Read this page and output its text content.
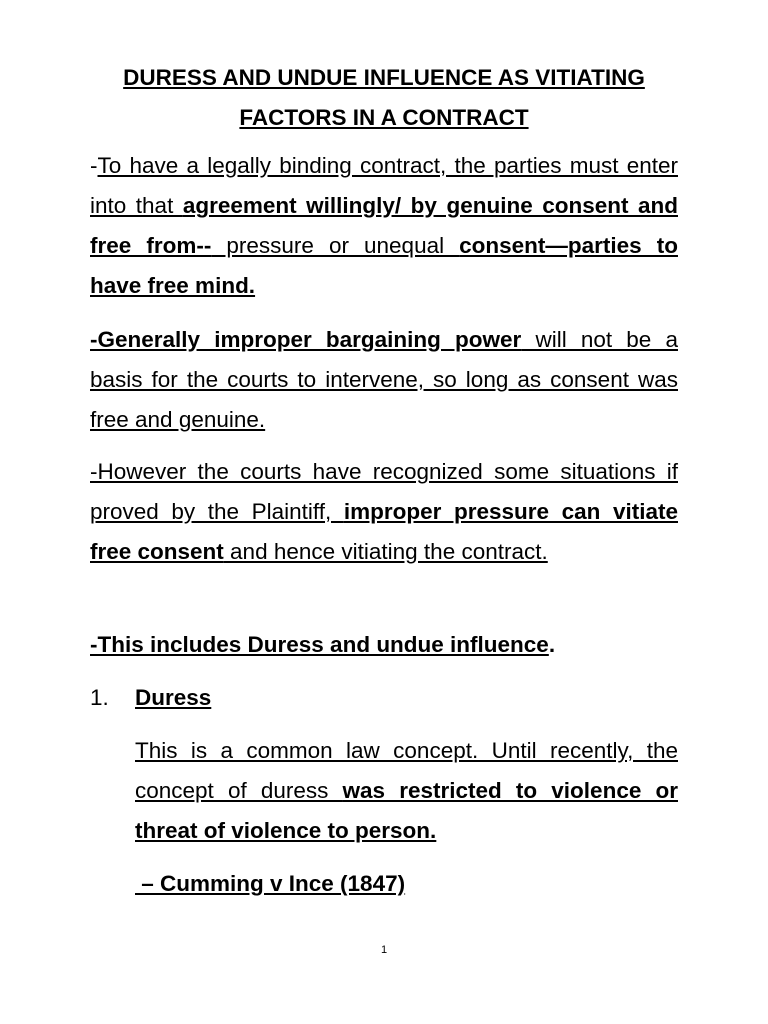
DURESS AND UNDUE INFLUENCE AS VITIATING
FACTORS IN A CONTRACT

-To have a legally binding contract, the parties must enter into that agreement willingly/ by genuine consent and free from-- pressure or unequal consent—parties to have free mind.

-Generally improper bargaining power will not be a basis for the courts to intervene, so long as consent was free and genuine.

-However the courts have recognized some situations if proved by the Plaintiff, improper pressure can vitiate free consent and hence vitiating the contract.

-This includes Duress and undue influence.

1. Duress

This is a common law concept. Until recently, the concept of duress was restricted to violence or threat of violence to person.

– Cumming v Ince (1847)

1
